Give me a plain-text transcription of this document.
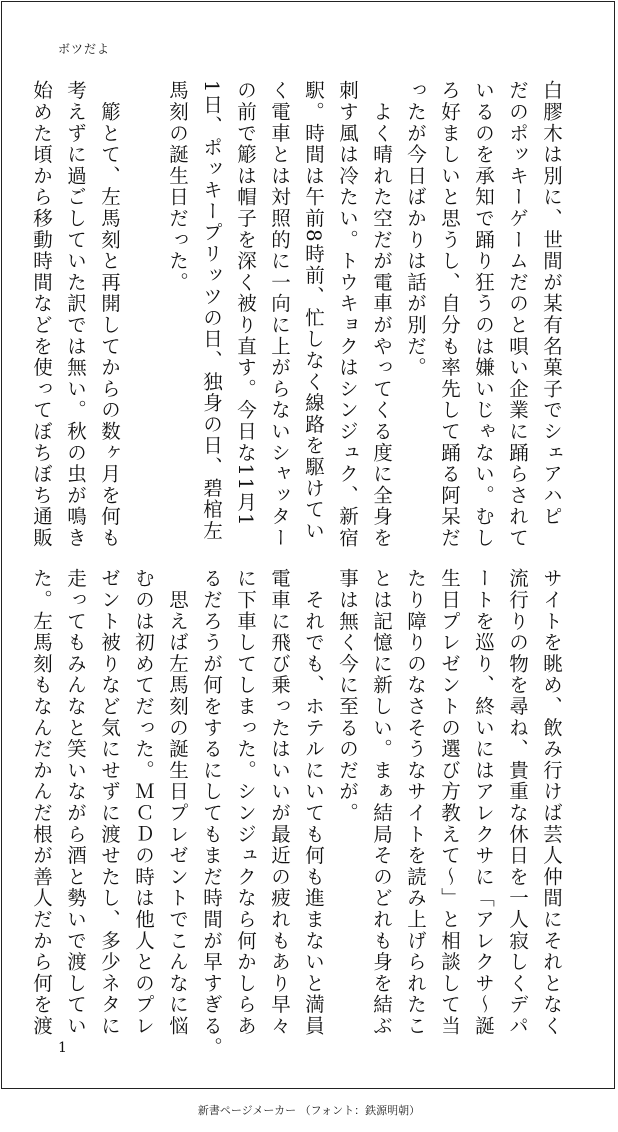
ボツだよ
白膠木は別に、世間が某有名菓子でシェアハピ
だのポッキーゲームだのと唄い企業に踊らされて
いるのを承知で踊り狂うのは嫌いじゃない。むし
ろ好ましいと思うし、自分も率先して踊る阿呆だ
ったが今日ばかりは話が別だ。
　よく晴れた空だが電車がやってくる度に全身を
刺す風は冷たい。トウキョクはシンジュク、新宿
駅。時間は午前8時前、忙しなく線路を駆けてい
く電車とは対照的に一向に上がらないシャッター
の前で簓は帽子を深く被り直す。今日な11月1
1日、ポッキープリッツの日、独身の日、碧棺左
馬刻の誕生日だった。
　簓とて、左馬刻と再開してからの数ヶ月を何も
考えずに過ごしていた訳では無い。秋の虫が鳴き
始めた頃から移動時間などを使ってぼちぼち通販
サイトを眺め、飲み行けば芸人仲間にそれとなく
流行りの物を尋ね、貴重な休日を一人寂しくデパ
ートを巡り、終いにはアレクサに「アレクサ〜誕
生日プレゼントの選び方教えて〜」と相談して当
たり障りのなさそうなサイトを読み上げられたこ
とは記憶に新しい。まぁ結局そのどれも身を結ぶ
事は無く今に至るのだが。
　それでも、ホテルにいても何も進まないと満員
電車に飛び乗ったはいいが最近の疲れもあり早々
に下車してしまった。シンジュクなら何かしらあ
るだろうが何をするにしてもまだ時間が早すぎる。
　思えば左馬刻の誕生日プレゼントでこんなに悩
むのは初めてだった。ＭＣＤの時は他人とのプレ
ゼント被りなど気にせずに渡せたし、多少ネタに
走ってもみんなと笑いながら酒と勢いで渡してい
た。左馬刻もなんだかんだ根が善人だから何を渡
1
新書ページメーカー （フォント：鉄源明朝）
